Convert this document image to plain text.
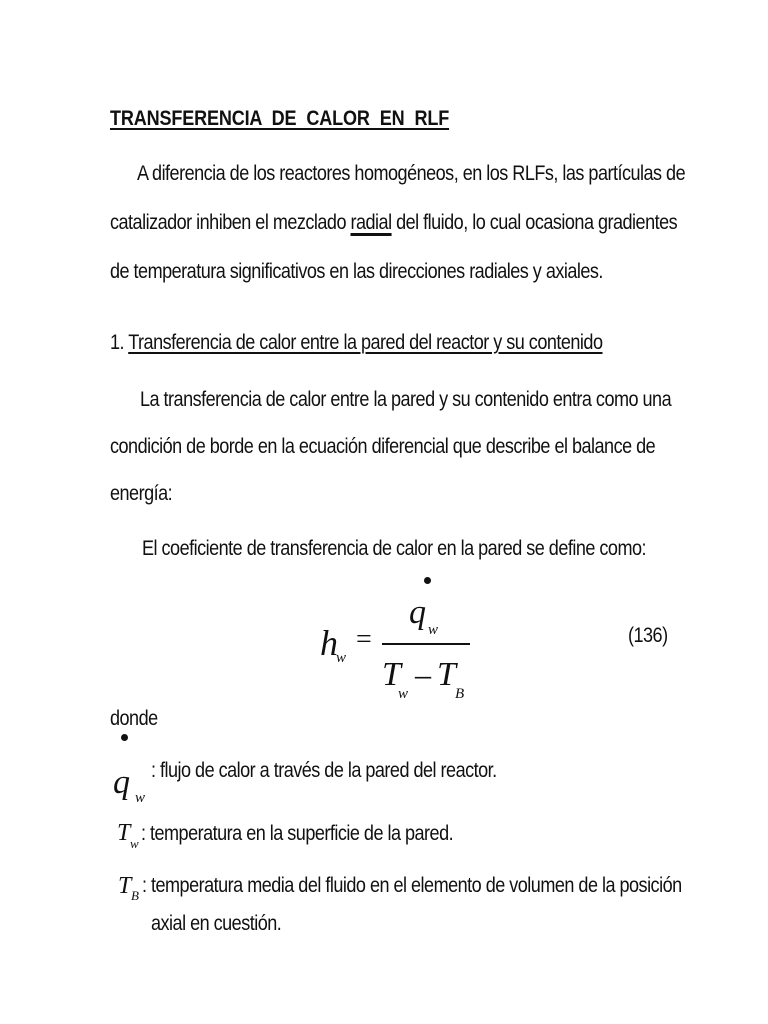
TRANSFERENCIA DE CALOR EN RLF
A diferencia de los reactores homogéneos, en los RLFs, las partículas de
catalizador inhiben el mezclado radial del fluido, lo cual ocasiona gradientes
de temperatura significativos en las direcciones radiales y axiales.
1. Transferencia de calor entre la pared del reactor y su contenido
La transferencia de calor entre la pared y su contenido entra como una
condición de borde en la ecuación diferencial que describe el balance de
energía:
El coeficiente de transferencia de calor en la pared se define como:
h
w
=
q w
T
w
– T
B
(136)
donde
q w
: flujo de calor a través de la pared del reactor.
T w : temperatura en la superficie de la pared.
T B : temperatura media del fluido en el elemento de volumen de la posición
axial en cuestión.
